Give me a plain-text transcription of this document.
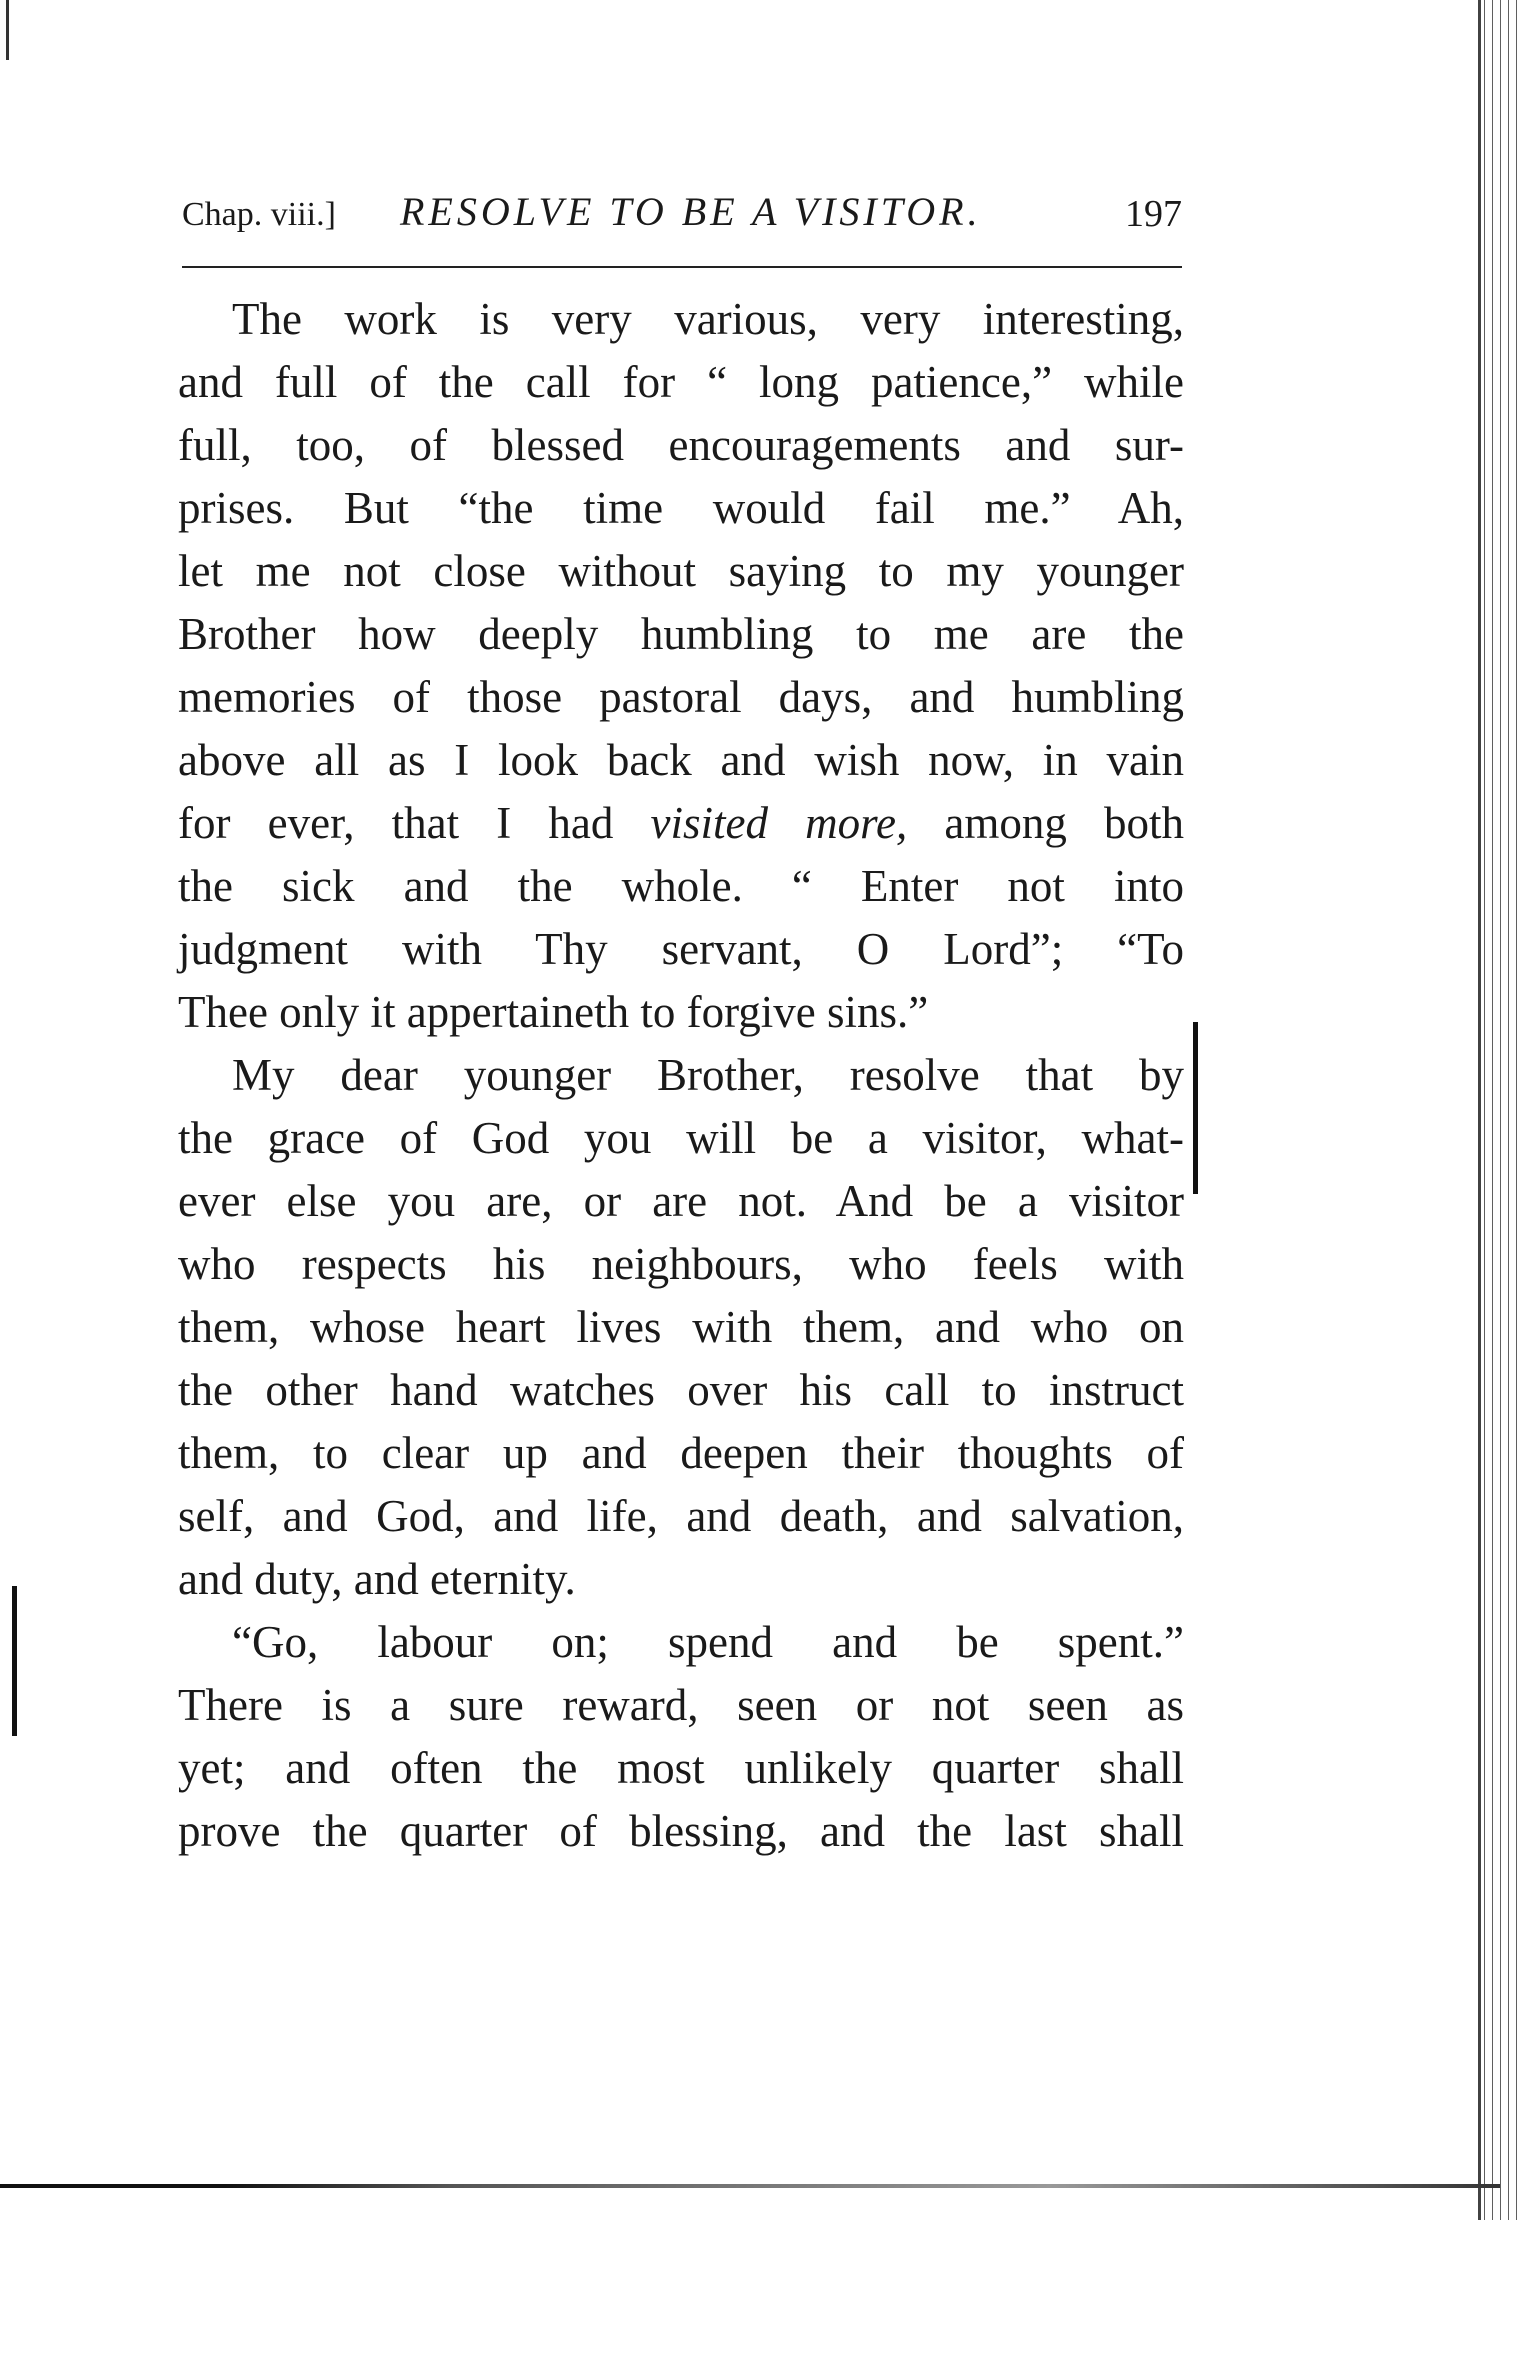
Chap. viii.] RESOLVE TO BE A VISITOR.	197
The work is very various, very interesting,
and full of the call for “ long patience,” while
full, too, of blessed encouragements and sur-
prises. But “the time would fail me.” Ah,
let me not close without saying to my younger
Brother how deeply humbling to me are the
memories of those pastoral days, and humbling
above all as I look back and wish now, in vain
for ever, that I had visited more, among both
the sick and the whole. “ Enter not into
judgment with Thy servant, O Lord”; “To
Thee only it appertaineth to forgive sins.”
My dear younger Brother, resolve that by
the grace of God you will be a visitor, what-
ever else you are, or are not. And be a visitor
who respects his neighbours, who feels with
them, whose heart lives with them, and who on
the other hand watches over his call to instruct
them, to clear up and deepen their thoughts of
self, and God, and life, and death, and salvation,
and duty, and eternity.
“Go, labour on; spend and be spent.”
There is a sure reward, seen or not seen as
yet; and often the most unlikely quarter shall
prove the quarter of blessing, and the last shall
